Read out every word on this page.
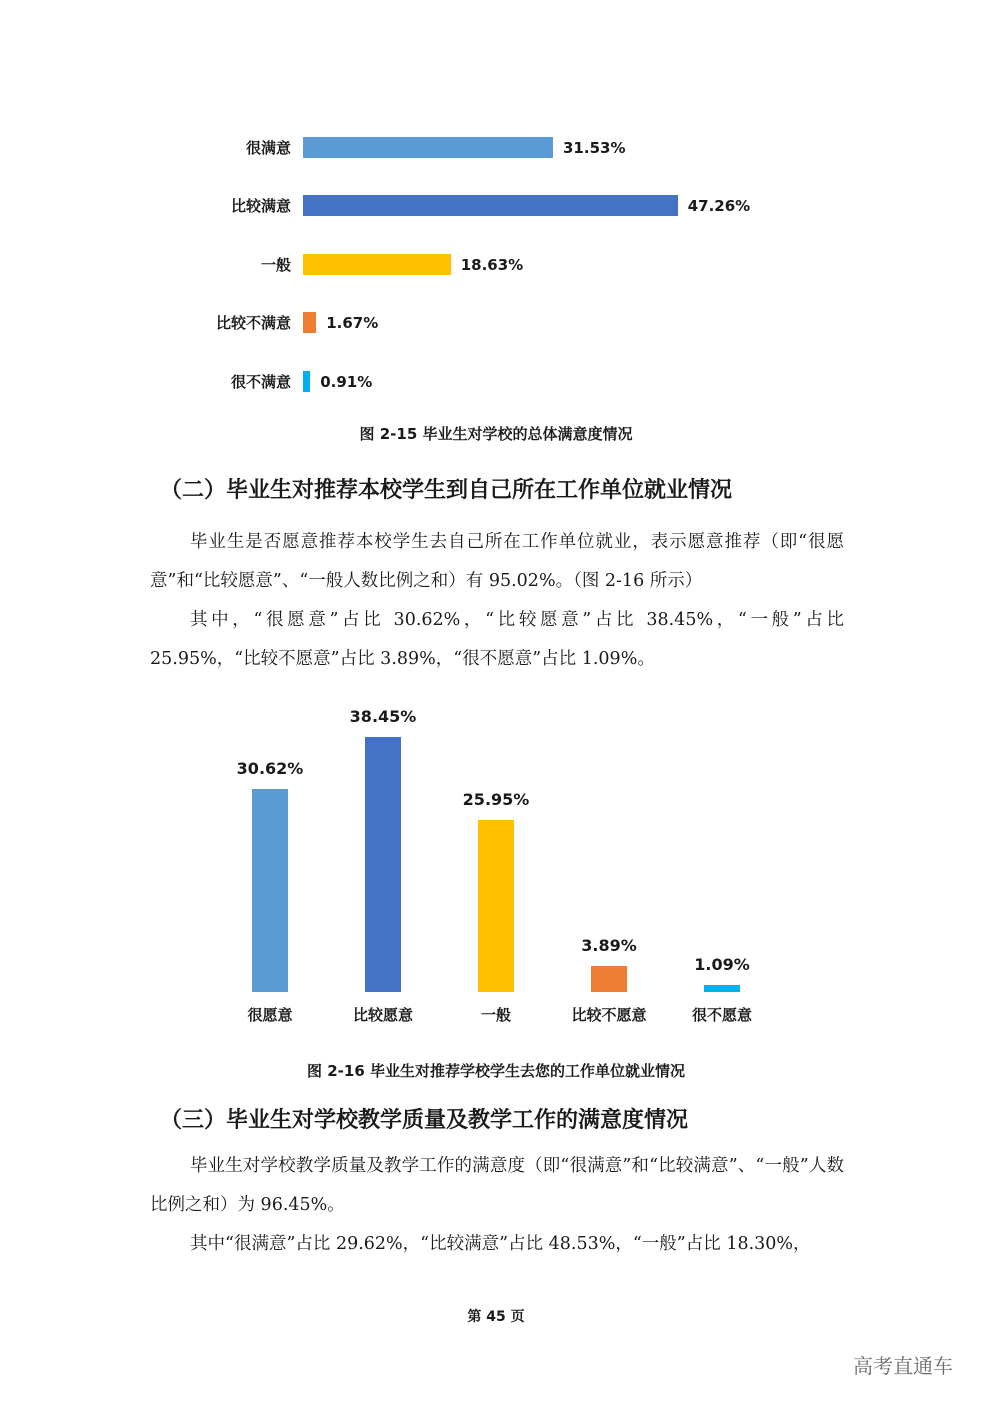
很满意	31.53%
比较满意	47.26%
一般	18.63%
比较不满意 1.67%
很不满意 0.91%
图 2-15 毕业生对学校的总体满意度情况
（二）毕业生对推荐本校学生到自己所在工作单位就业情况

毕业生是否愿意推荐本校学生去自己所在工作单位就业，表示愿意推荐（即“很愿意”和“比较愿意”、“一般人数比例之和）有 95.02%。（图 2-16 所示）

其中，“很愿意”占比 30.62%，“比较愿意”占比 38.45%，“一般”占比 25.95%，“比较不愿意”占比 3.89%，“很不愿意”占比 1.09%。

30.62%
很愿意
38.45%
比较愿意
25.95%
一般
3.89%
比较不愿意
1.09%
很不愿意
图 2-16 毕业生对推荐学校学生去您的工作单位就业情况
（三）毕业生对学校教学质量及教学工作的满意度情况

毕业生对学校教学质量及教学工作的满意度（即“很满意”和“比较满意”、“一般”人数比例之和）为 96.45%。

其中“很满意”占比 29.62%，“比较满意”占比 48.53%，“一般”占比 18.30%，

第 45 页
高考直通车
